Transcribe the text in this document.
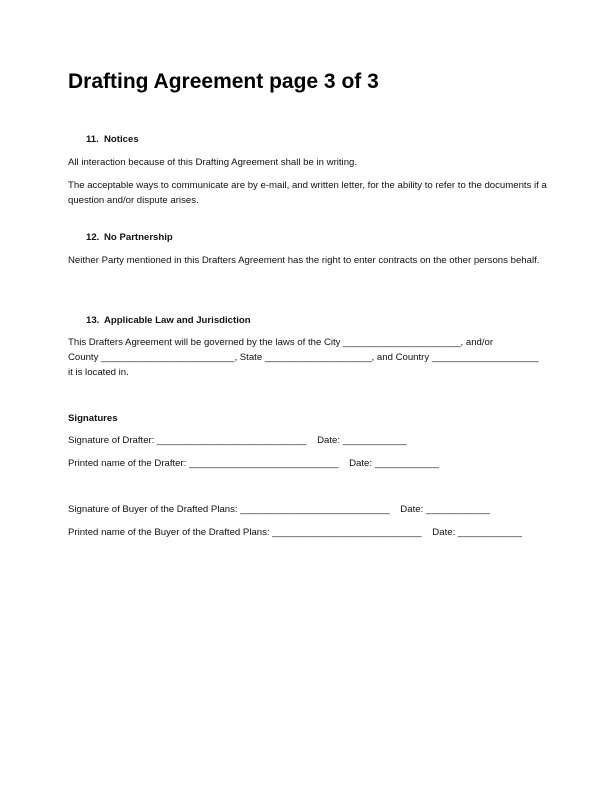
Drafting Agreement page 3 of 3
11. Notices
All interaction because of this Drafting Agreement shall be in writing.
The acceptable ways to communicate are by e-mail, and written letter, for the ability to refer to the documents if a question and/or dispute arises.
12. No Partnership
Neither Party mentioned in this Drafters Agreement has the right to enter contracts on the other persons behalf.
13. Applicable Law and Jurisdiction
This Drafters Agreement will be governed by the laws of the City ______________________, and/or
County _________________________, State ____________________, and Country ____________________
it is located in.
Signatures
Signature of Drafter: ____________________________    Date: ____________
Printed name of the Drafter: ____________________________    Date: ____________
Signature of Buyer of the Drafted Plans: ____________________________    Date: ____________
Printed name of the Buyer of the Drafted Plans: ____________________________    Date: ____________
